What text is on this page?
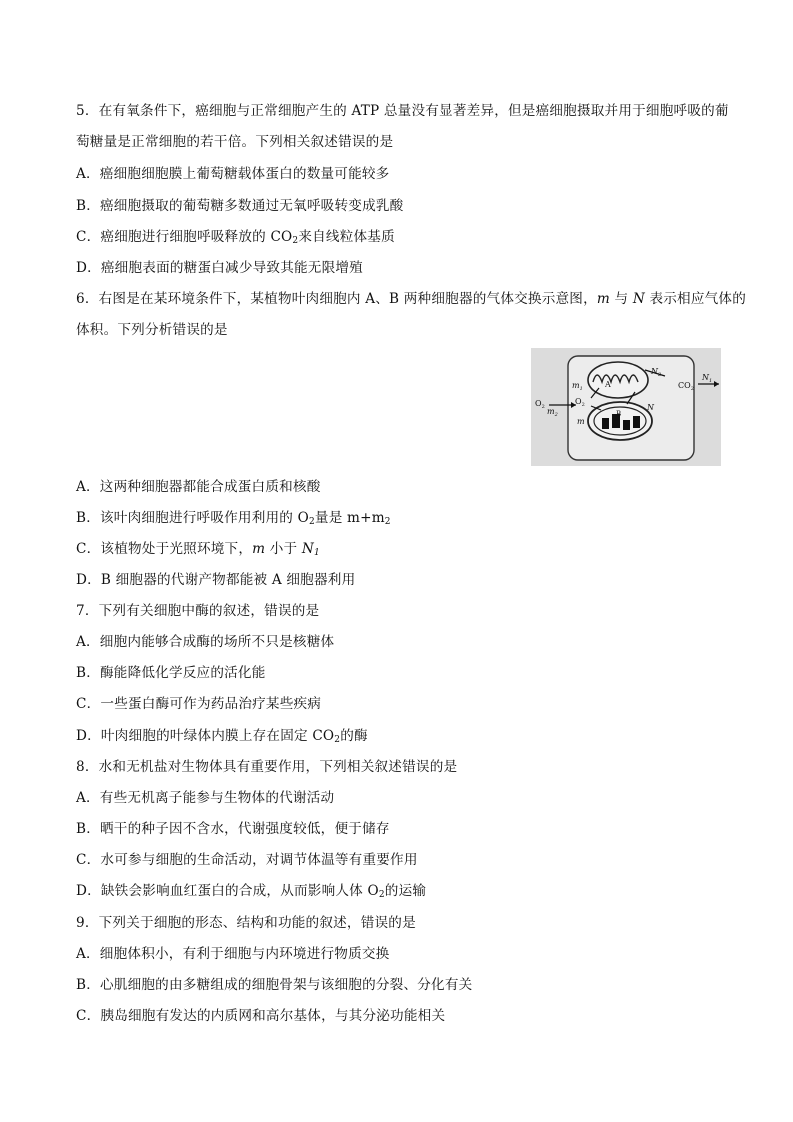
5．在有氧条件下，癌细胞与正常细胞产生的 ATP 总量没有显著差异，但是癌细胞摄取并用于细胞呼吸的葡
萄糖量是正常细胞的若干倍。下列相关叙述错误的是
A．癌细胞细胞膜上葡萄糖载体蛋白的数量可能较多
B．癌细胞摄取的葡萄糖多数通过无氧呼吸转变成乳酸
C．癌细胞进行细胞呼吸释放的 $CO_2$来自线粒体基质
D．癌细胞表面的糖蛋白减少导致其能无限增殖
6．右图是在某环境条件下，某植物叶肉细胞内 A、B 两种细胞器的气体交换示意图，m 与 N 表示相应气体的
体积。下列分析错误的是
$O_2$
$O_2$
$m_2$
$m_1$
m
$N_2$
N
$CO_2$
$N_1$
A
B
A．这两种细胞器都能合成蛋白质和核酸
B．该叶肉细胞进行呼吸作用利用的 $O_2$量是 $m+m_2$
C．该植物处于光照环境下，m 小于 $N_1$
D．B 细胞器的代谢产物都能被 A 细胞器利用
7．下列有关细胞中酶的叙述，错误的是
A．细胞内能够合成酶的场所不只是核糖体
B．酶能降低化学反应的活化能
C．一些蛋白酶可作为药品治疗某些疾病
D．叶肉细胞的叶绿体内膜上存在固定 $CO_2$的酶
8．水和无机盐对生物体具有重要作用，下列相关叙述错误的是
A．有些无机离子能参与生物体的代谢活动
B．晒干的种子因不含水，代谢强度较低，便于储存
C．水可参与细胞的生命活动，对调节体温等有重要作用
D．缺铁会影响血红蛋白的合成，从而影响人体 $O_2$的运输
9．下列关于细胞的形态、结构和功能的叙述，错误的是
A．细胞体积小，有利于细胞与内环境进行物质交换
B．心肌细胞的由多糖组成的细胞骨架与该细胞的分裂、分化有关
C．胰岛细胞有发达的内质网和高尔基体，与其分泌功能相关
